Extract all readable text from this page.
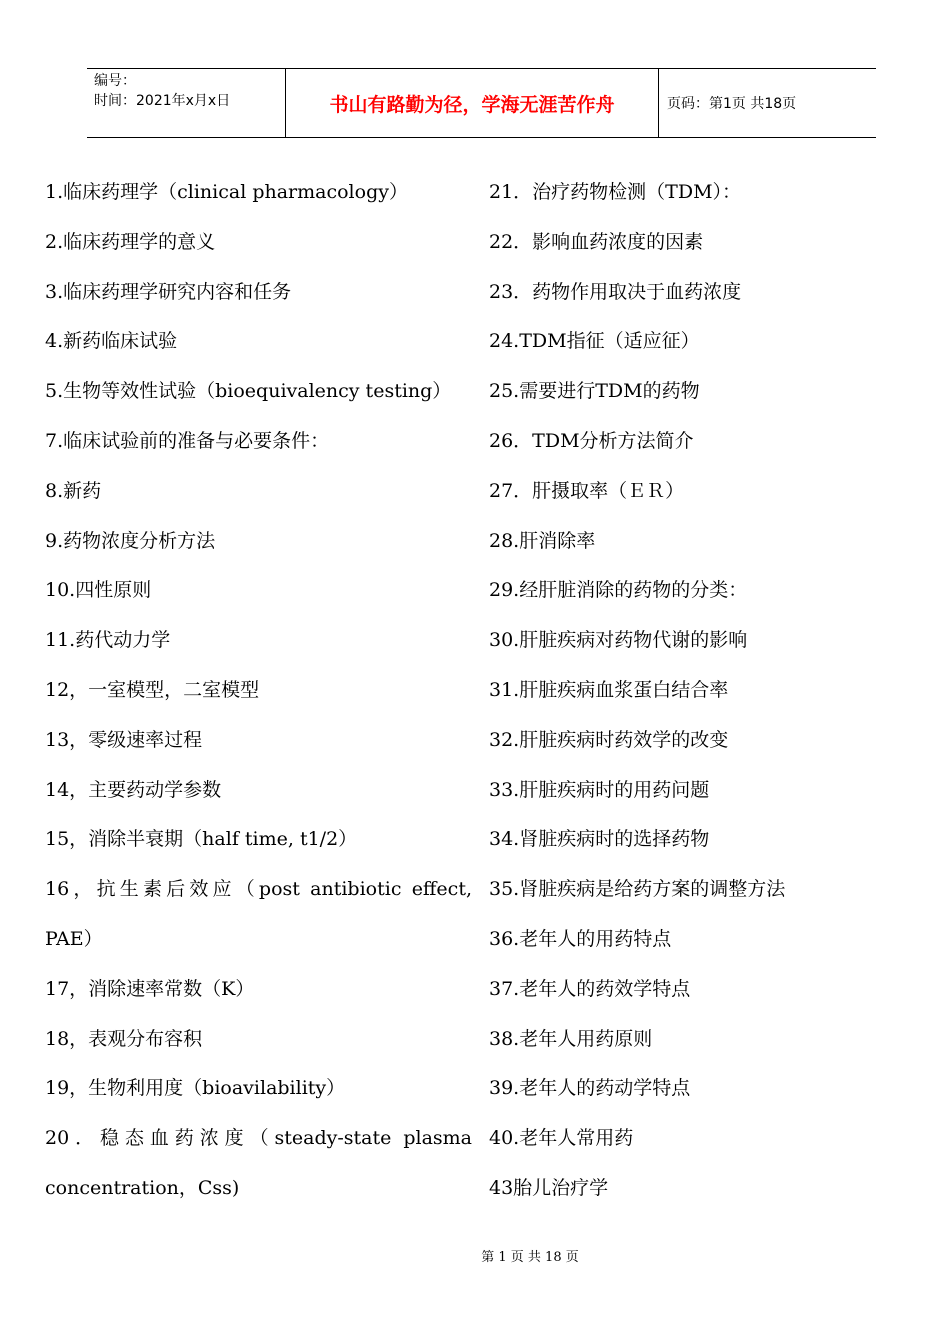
编号：
时间：2021年x月x日	书山有路勤为径，学海无涯苦作舟	页码：第1页 共18页
1.临床药理学（clinical pharmacology）
2.临床药理学的意义
3.临床药理学研究内容和任务
4.新药临床试验
5.生物等效性试验（bioequivalency testing）
7.临床试验前的准备与必要条件：
8.新药
9.药物浓度分析方法
10.四性原则
11.药代动力学
12，一室模型，二室模型
13，零级速率过程
14，主要药动学参数
15，消除半衰期（half time, t1/2）
16，抗生素后效应（post antibiotic effect, PAE）
17，消除速率常数（K）
18，表观分布容积
19，生物利用度（bioavilability）
20．稳态血药浓度（steady-state plasma concentration，Css)
21．治疗药物检测（TDM）：
22．影响血药浓度的因素
23．药物作用取决于血药浓度
24.TDM指征（适应征）
25.需要进行TDM的药物
26．TDM分析方法简介
27．肝摄取率（ＥＲ）
28.肝消除率
29.经肝脏消除的药物的分类：
30.肝脏疾病对药物代谢的影响
31.肝脏疾病血浆蛋白结合率
32.肝脏疾病时药效学的改变
33.肝脏疾病时的用药问题
34.肾脏疾病时的选择药物
35.肾脏疾病是给药方案的调整方法
36.老年人的用药特点
37.老年人的药效学特点
38.老年人用药原则
39.老年人的药动学特点
40.老年人常用药
43胎儿治疗学
第 1 页 共 18 页
